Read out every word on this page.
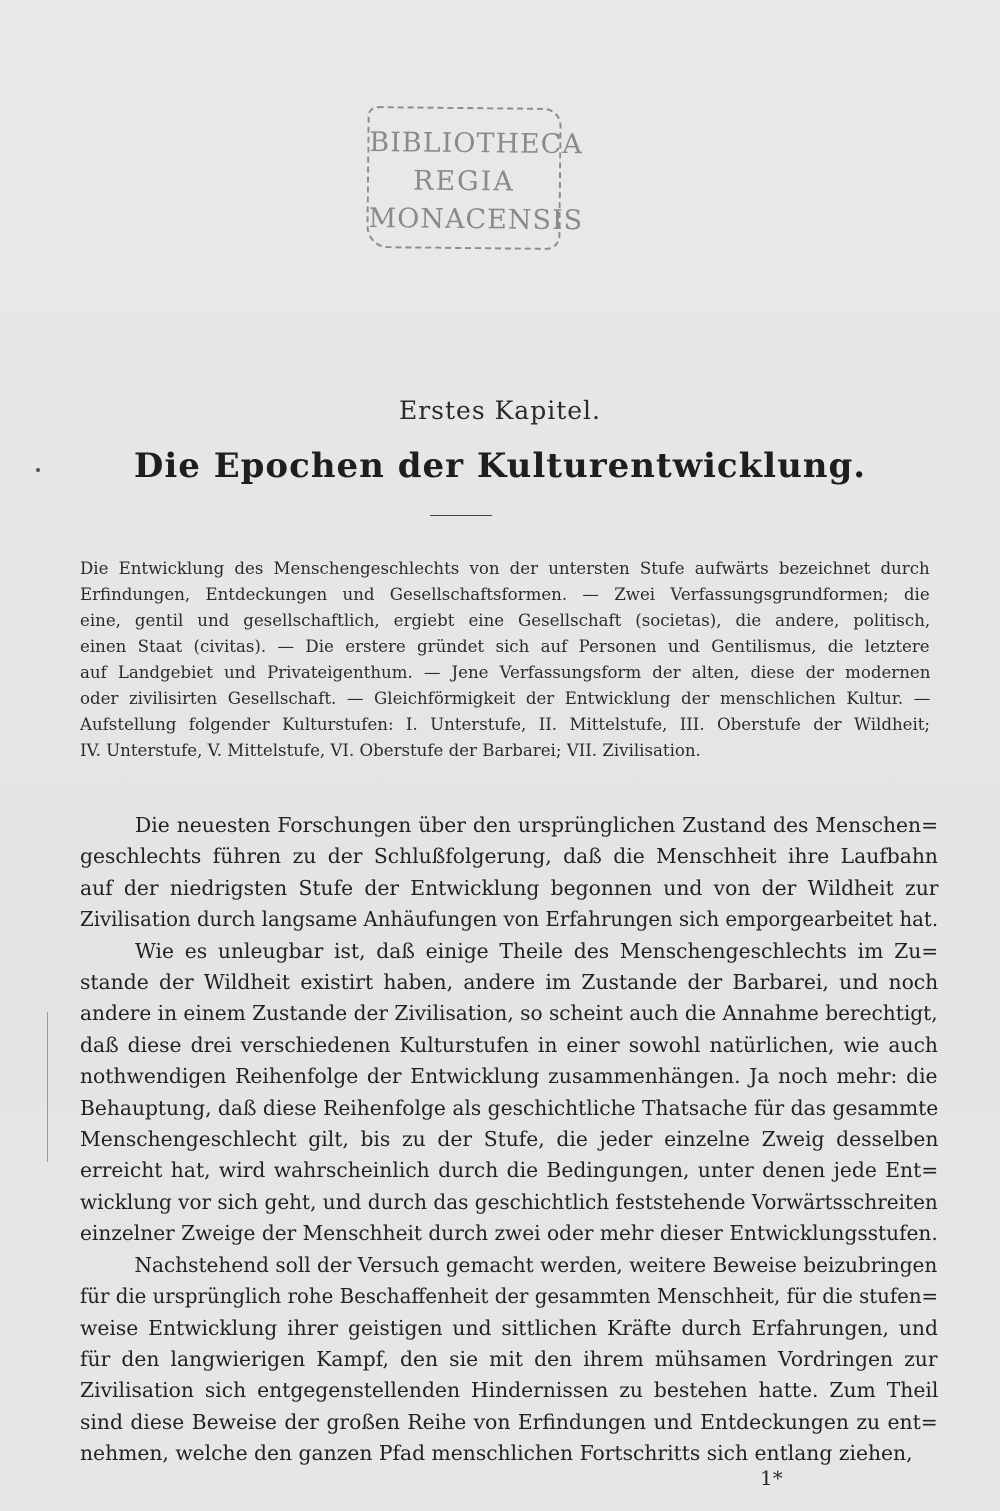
BIBLIOTHECA
REGIA
MONACENSIS
Erstes Kapitel.
Die Epochen der Kulturentwicklung.
Die Entwicklung des Menschengeschlechts von der untersten Stufe aufwärts bezeichnet durch
Erfindungen, Entdeckungen und Gesellschaftsformen. — Zwei Verfassungsgrundformen; die
eine, gentil und gesellschaftlich, ergiebt eine Gesellschaft (societas), die andere, politisch,
einen Staat (civitas). — Die erstere gründet sich auf Personen und Gentilismus, die letztere
auf Landgebiet und Privateigenthum. — Jene Verfassungsform der alten, diese der modernen
oder zivilisirten Gesellschaft. — Gleichförmigkeit der Entwicklung der menschlichen Kultur. —
Aufstellung folgender Kulturstufen: I. Unterstufe, II. Mittelstufe, III. Oberstufe der Wildheit;
IV. Unterstufe, V. Mittelstufe, VI. Oberstufe der Barbarei; VII. Zivilisation.
Die neuesten Forschungen über den ursprünglichen Zustand des Menschen=
geschlechts führen zu der Schlußfolgerung, daß die Menschheit ihre Laufbahn
auf der niedrigsten Stufe der Entwicklung begonnen und von der Wildheit zur
Zivilisation durch langsame Anhäufungen von Erfahrungen sich emporgearbeitet hat.
Wie es unleugbar ist, daß einige Theile des Menschengeschlechts im Zu=
stande der Wildheit existirt haben, andere im Zustande der Barbarei, und noch
andere in einem Zustande der Zivilisation, so scheint auch die Annahme berechtigt,
daß diese drei verschiedenen Kulturstufen in einer sowohl natürlichen, wie auch
nothwendigen Reihenfolge der Entwicklung zusammenhängen. Ja noch mehr: die
Behauptung, daß diese Reihenfolge als geschichtliche Thatsache für das gesammte
Menschengeschlecht gilt, bis zu der Stufe, die jeder einzelne Zweig desselben
erreicht hat, wird wahrscheinlich durch die Bedingungen, unter denen jede Ent=
wicklung vor sich geht, und durch das geschichtlich feststehende Vorwärtsschreiten
einzelner Zweige der Menschheit durch zwei oder mehr dieser Entwicklungsstufen.
Nachstehend soll der Versuch gemacht werden, weitere Beweise beizubringen
für die ursprünglich rohe Beschaffenheit der gesammten Menschheit, für die stufen=
weise Entwicklung ihrer geistigen und sittlichen Kräfte durch Erfahrungen, und
für den langwierigen Kampf, den sie mit den ihrem mühsamen Vordringen zur
Zivilisation sich entgegenstellenden Hindernissen zu bestehen hatte. Zum Theil
sind diese Beweise der großen Reihe von Erfindungen und Entdeckungen zu ent=
nehmen, welche den ganzen Pfad menschlichen Fortschritts sich entlang ziehen,
1*
